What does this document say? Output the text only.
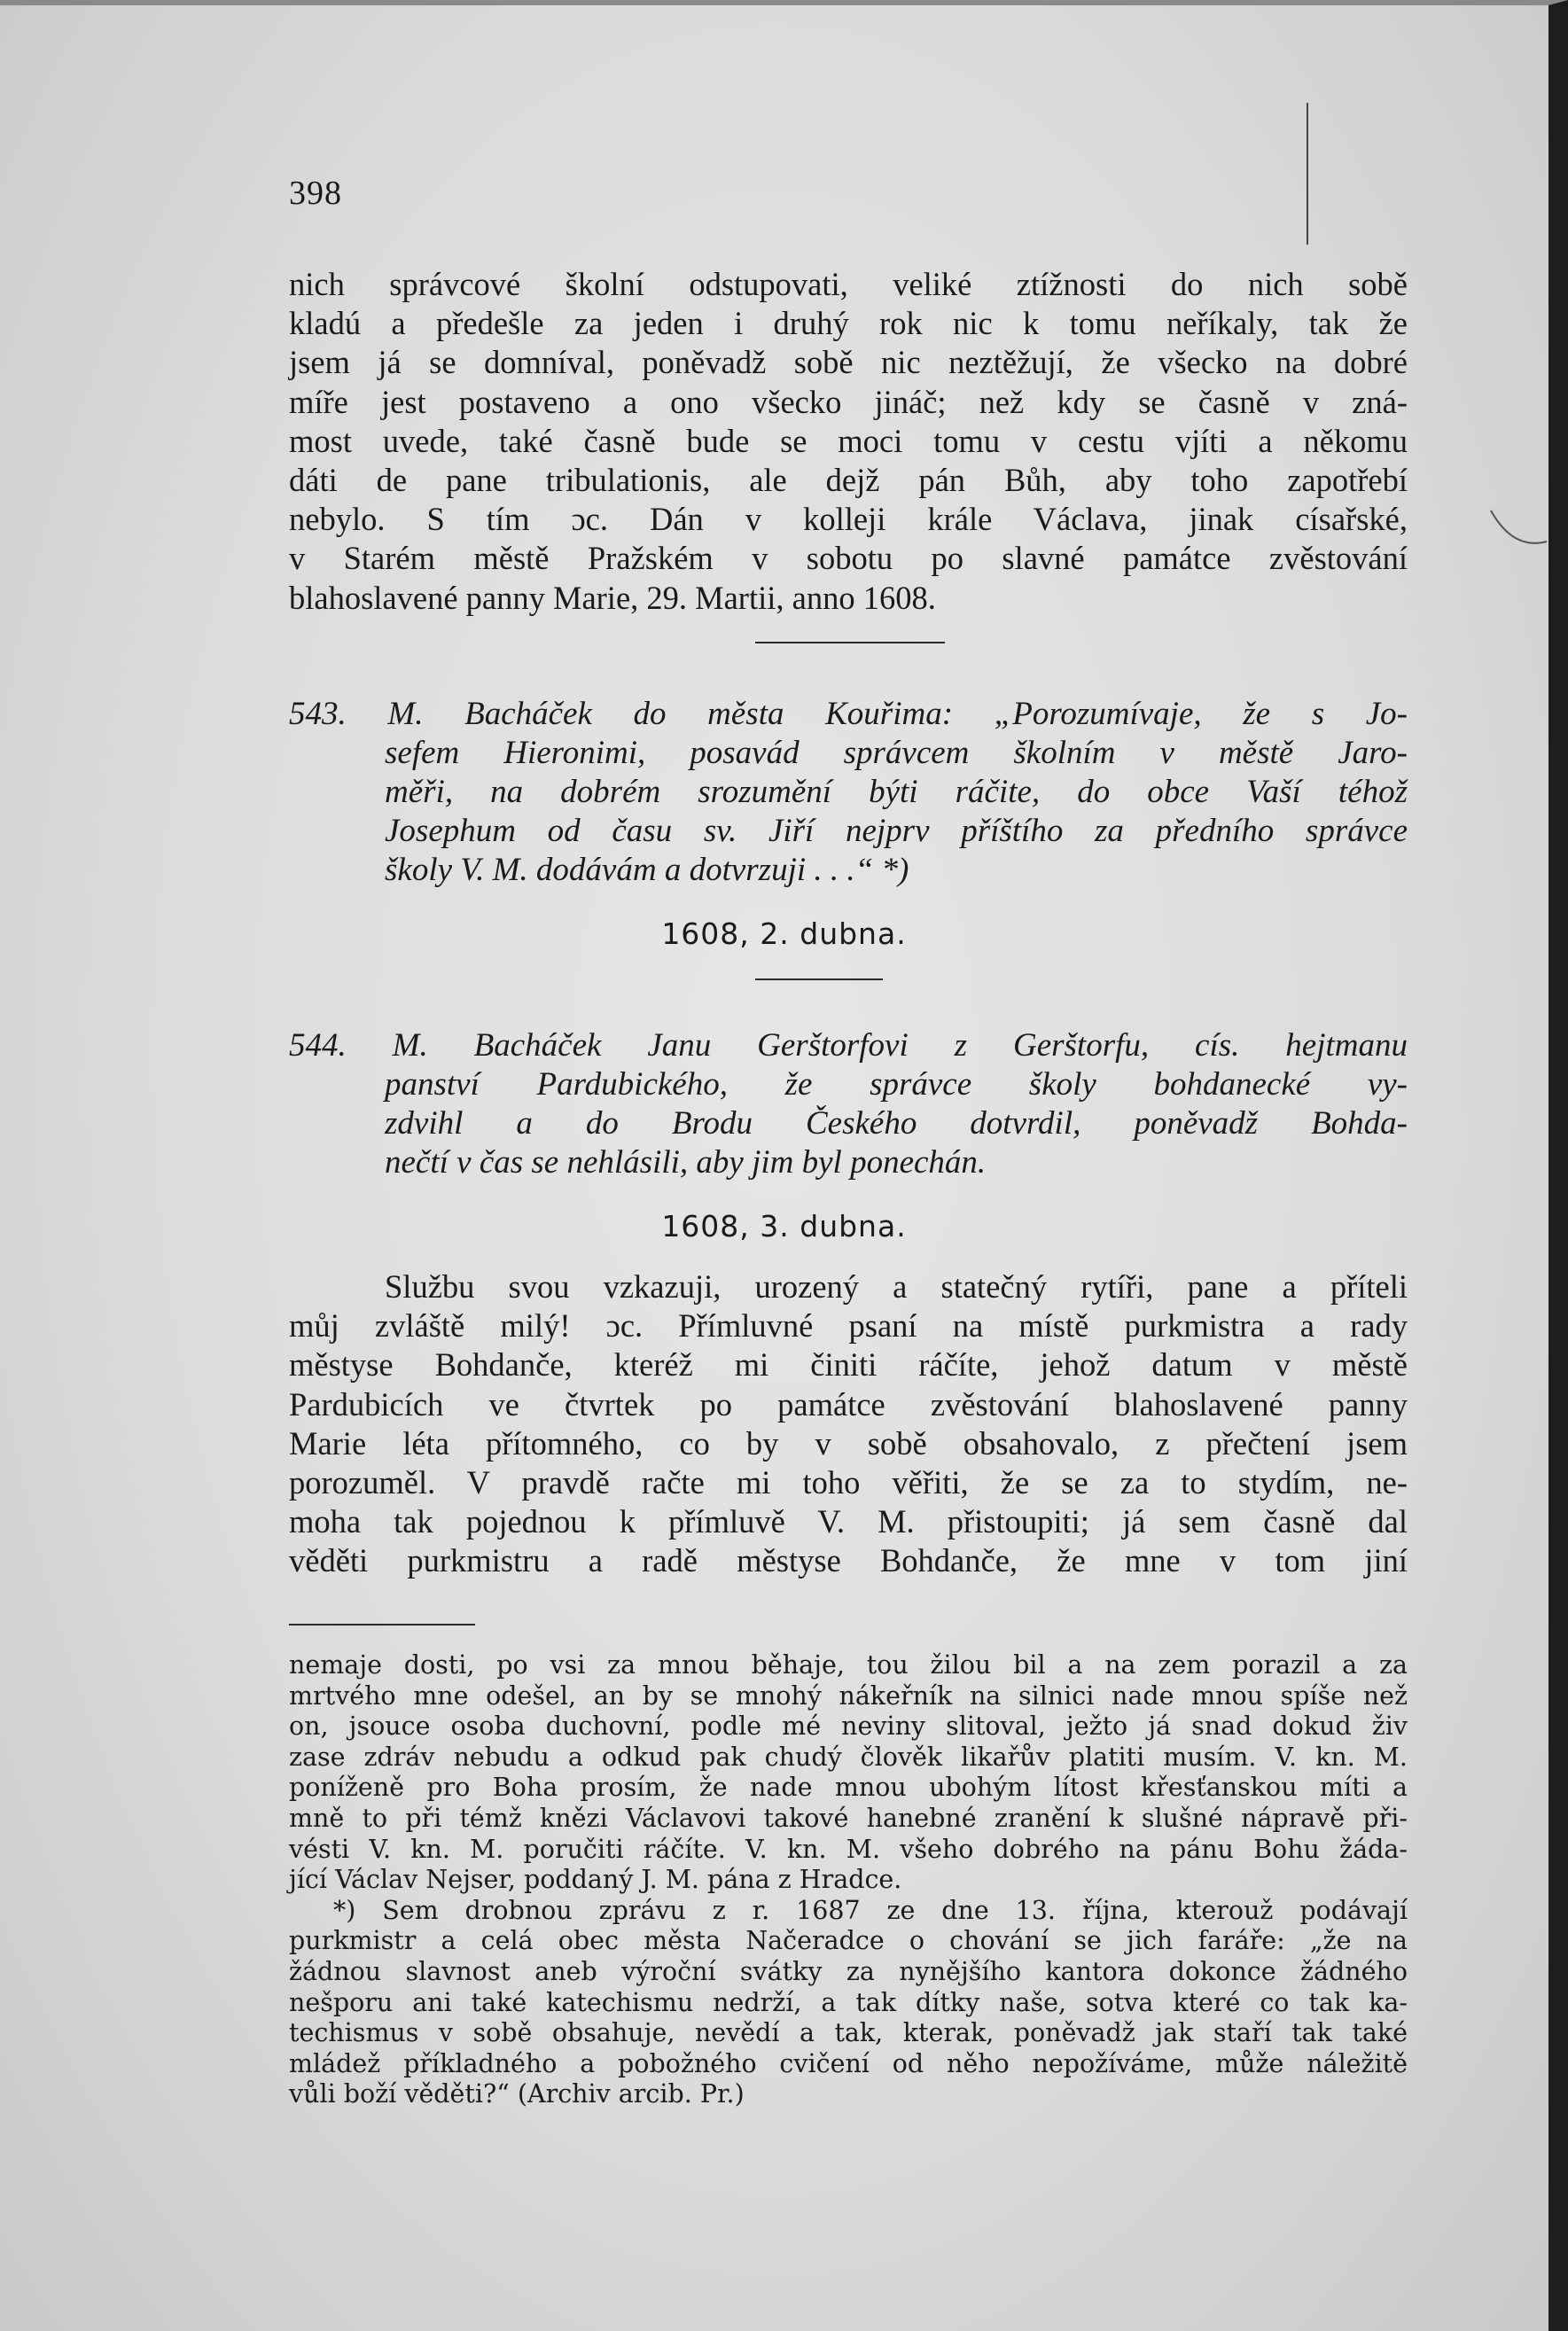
398
nich správcové školní odstupovati, veliké ztížnosti do nich sobě
kladú a předešle za jeden i druhý rok nic k tomu neříkaly, tak že
jsem já se domníval, poněvadž sobě nic neztěžují, že všecko na dobré
míře jest postaveno a ono všecko jináč; než kdy se časně v zná-
most uvede, také časně bude se moci tomu v cestu vjíti a někomu
dáti de pane tribulationis, ale dejž pán Bůh, aby toho zapotřebí
nebylo. S tím ɔc. Dán v kolleji krále Václava, jinak císařské,
v Starém městě Pražském v sobotu po slavné památce zvěstování
blahoslavené panny Marie, 29. Martii, anno 1608.
543. M. Bacháček do města Kouřima: „Porozumívaje, že s Jo-
sefem Hieronimi, posavád správcem školním v městě Jaro-
měři, na dobrém srozumění býti ráčite, do obce Vaší téhož
Josephum od času sv. Jiří nejprv příštího za předního správce
školy V. M. dodávám a dotvrzuji . . .“ *)
1608, 2. dubna.
544. M. Bacháček Janu Gerštorfovi z Gerštorfu, cís. hejtmanu
panství Pardubického, že správce školy bohdanecké vy-
zdvihl a do Brodu Českého dotvrdil, poněvadž Bohda-
nečtí v čas se nehlásili, aby jim byl ponechán.
1608, 3. dubna.
Službu svou vzkazuji, urozený a statečný rytíři, pane a příteli
můj zvláště milý! ɔc. Přímluvné psaní na místě purkmistra a rady
městyse Bohdanče, kteréž mi činiti ráčíte, jehož datum v městě
Pardubicích ve čtvrtek po památce zvěstování blahoslavené panny
Marie léta přítomného, co by v sobě obsahovalo, z přečtení jsem
porozuměl. V pravdě račte mi toho věřiti, že se za to stydím, ne-
moha tak pojednou k přímluvě V. M. přistoupiti; já sem časně dal
věděti purkmistru a radě městyse Bohdanče, že mne v tom jiní
nemaje dosti, po vsi za mnou běhaje, tou žilou bil a na zem porazil a za
mrtvého mne odešel, an by se mnohý nákeřník na silnici nade mnou spíše než
on, jsouce osoba duchovní, podle mé neviny slitoval, ježto já snad dokud živ
zase zdráv nebudu a odkud pak chudý člověk likařův platiti musím. V. kn. M.
poníženě pro Boha prosím, že nade mnou ubohým lítost křesťanskou míti a
mně to při témž knězi Václavovi takové hanebné zranění k slušné nápravě při-
vésti V. kn. M. poručiti ráčíte. V. kn. M. všeho dobrého na pánu Bohu žáda-
jící Václav Nejser, poddaný J. M. pána z Hradce.
*) Sem drobnou zprávu z r. 1687 ze dne 13. října, kterouž podávají
purkmistr a celá obec města Načeradce o chování se jich faráře: „že na
žádnou slavnost aneb výroční svátky za nynějšího kantora dokonce žádného
nešporu ani také katechismu nedrží, a tak dítky naše, sotva které co tak ka-
techismus v sobě obsahuje, nevědí a tak, kterak, poněvadž jak staří tak také
mládež příkladného a pobožného cvičení od něho nepožíváme, může náležitě
vůli boží věděti?“ (Archiv arcib. Pr.)
